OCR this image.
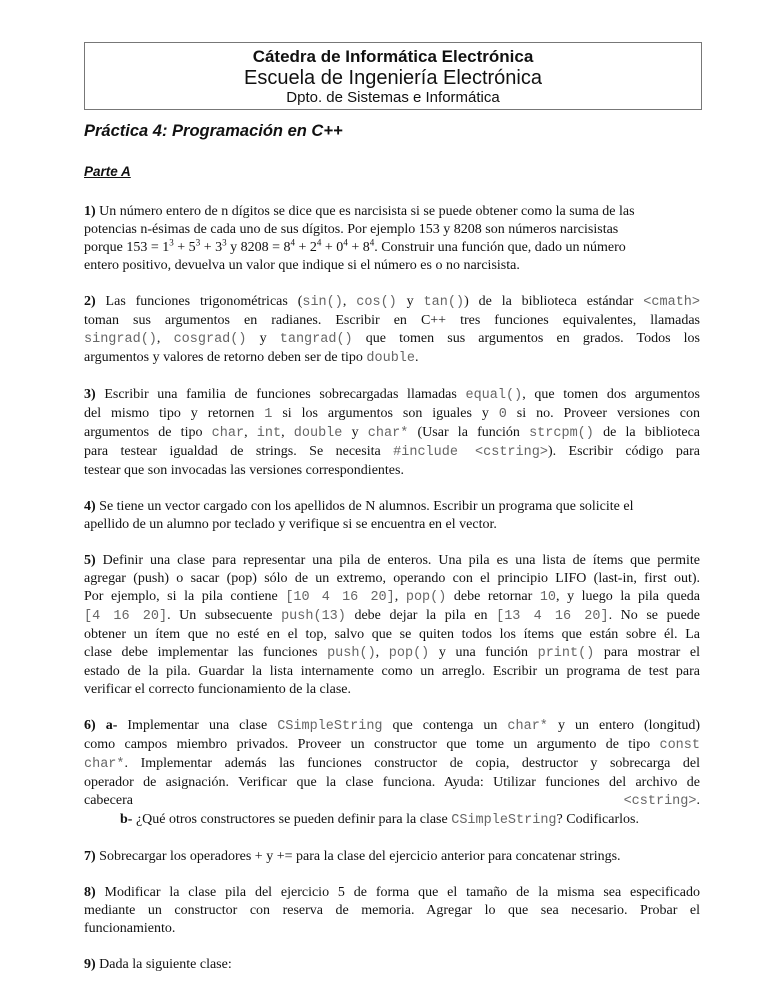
Cátedra de Informática Electrónica
Escuela de Ingeniería Electrónica
Dpto. de Sistemas e Informática
Práctica 4: Programación en C++
Parte A
1) Un número entero de n dígitos se dice que es narcisista si se puede obtener como la suma de las
potencias n-ésimas de cada uno de sus dígitos. Por ejemplo 153 y 8208 son números narcisistas
porque $153 = 1^3 + 5^3 + 3^3$ y $8208 = 8^4 + 2^4 + 0^4 + 8^4$. Construir una función que, dado un número
entero positivo, devuelva un valor que indique si el número es o no narcisista.
2) Las funciones trigonométricas (sin(), cos() y tan()) de la biblioteca estándar <cmath>
toman sus argumentos en radianes. Escribir en C++ tres funciones equivalentes, llamadas
singrad(), cosgrad() y tangrad() que tomen sus argumentos en grados. Todos los
argumentos y valores de retorno deben ser de tipo double.
3) Escribir una familia de funciones sobrecargadas llamadas equal(), que tomen dos argumentos
del mismo tipo y retornen 1 si los argumentos son iguales y 0 si no. Proveer versiones con
argumentos de tipo char, int, double y char* (Usar la función strcpm() de la biblioteca
para testear igualdad de strings. Se necesita #include <cstring>). Escribir código para
testear que son invocadas las versiones correspondientes.
4) Se tiene un vector cargado con los apellidos de N alumnos. Escribir un programa que solicite el
apellido de un alumno por teclado y verifique si se encuentra en el vector.
5) Definir una clase para representar una pila de enteros. Una pila es una lista de ítems que permite
agregar (push) o sacar (pop) sólo de un extremo, operando con el principio LIFO (last-in, first out).
Por ejemplo, si la pila contiene [10 4 16 20], pop() debe retornar 10, y luego la pila queda
[4 16 20]. Un subsecuente push(13) debe dejar la pila en [13 4 16 20]. No se puede
obtener un ítem que no esté en el top, salvo que se quiten todos los ítems que están sobre él. La
clase debe implementar las funciones push(), pop() y una función print() para mostrar el
estado de la pila. Guardar la lista internamente como un arreglo. Escribir un programa de test para
verificar el correcto funcionamiento de la clase.
6) a- Implementar una clase CSimpleString que contenga un char* y un entero (longitud)
como campos miembro privados. Proveer un constructor que tome un argumento de tipo const
char*. Implementar además las funciones constructor de copia, destructor y sobrecarga del
operador de asignación. Verificar que la clase funciona. Ayuda: Utilizar funciones del archivo de
cabecera <cstring>.
b- ¿Qué otros constructores se pueden definir para la clase CSimpleString? Codificarlos.
7) Sobrecargar los operadores + y += para la clase del ejercicio anterior para concatenar strings.
8) Modificar la clase pila del ejercicio 5 de forma que el tamaño de la misma sea especificado
mediante un constructor con reserva de memoria. Agregar lo que sea necesario. Probar el
funcionamiento.
9) Dada la siguiente clase:
